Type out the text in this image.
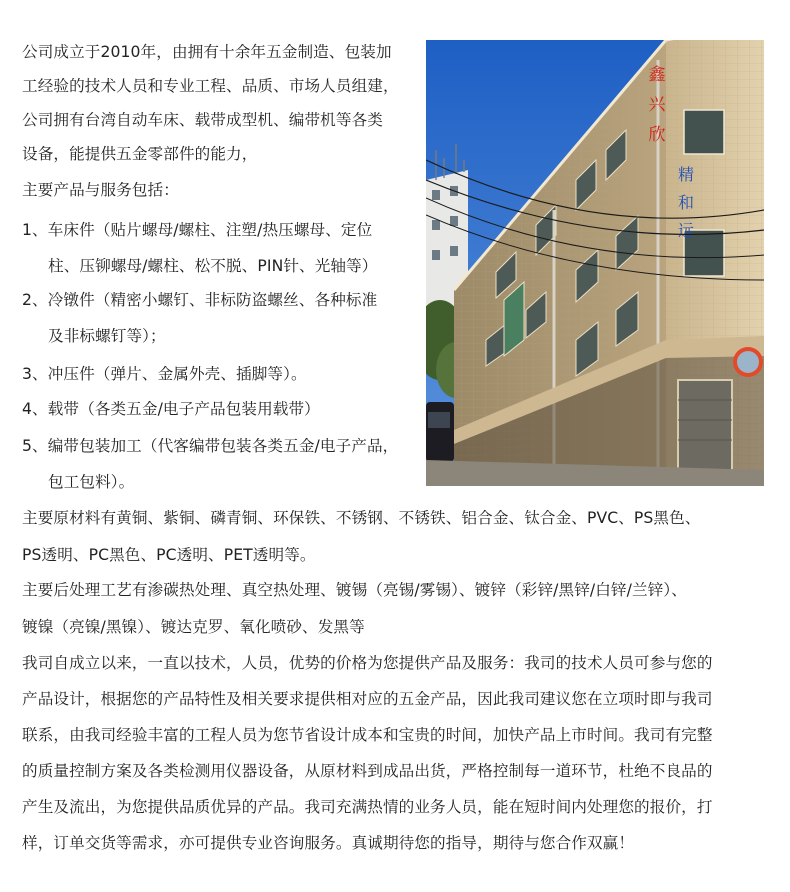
公司成立于2010年，由拥有十余年五金制造、包装加
工经验的技术人员和专业工程、品质、市场人员组建，
公司拥有台湾自动车床、载带成型机、编带机等各类
设备，能提供五金零部件的能力，
主要产品与服务包括：
1、车床件（贴片螺母/螺柱、注塑/热压螺母、定位
柱、压铆螺母/螺柱、松不脱、PIN针、光轴等）
2、冷镦件（精密小螺钉、非标防盗螺丝、各种标准
及非标螺钉等）；
3、冲压件（弹片、金属外壳、插脚等）。
4、载带（各类五金/电子产品包装用载带）
5、编带包装加工（代客编带包装各类五金/电子产品，
包工包料）。
主要原材料有黄铜、紫铜、磷青铜、环保铁、不锈钢、不锈铁、铝合金、钛合金、PVC、PS黑色、
PS透明、PC黑色、PC透明、PET透明等。
主要后处理工艺有渗碳热处理、真空热处理、镀锡（亮锡/雾锡）、镀锌（彩锌/黑锌/白锌/兰锌）、
镀镍（亮镍/黑镍）、镀达克罗、氧化喷砂、发黑等
我司自成立以来，一直以技术，人员，优势的价格为您提供产品及服务：我司的技术人员可参与您的
产品设计，根据您的产品特性及相关要求提供相对应的五金产品，因此我司建议您在立项时即与我司
联系，由我司经验丰富的工程人员为您节省设计成本和宝贵的时间，加快产品上市时间。我司有完整
的质量控制方案及各类检测用仪器设备，从原材料到成品出货，严格控制每一道环节，杜绝不良品的
产生及流出，为您提供品质优异的产品。我司充满热情的业务人员，能在短时间内处理您的报价，打
样，订单交货等需求，亦可提供专业咨询服务。真诚期待您的指导，期待与您合作双赢！
鑫
兴
欣
精
和
远
